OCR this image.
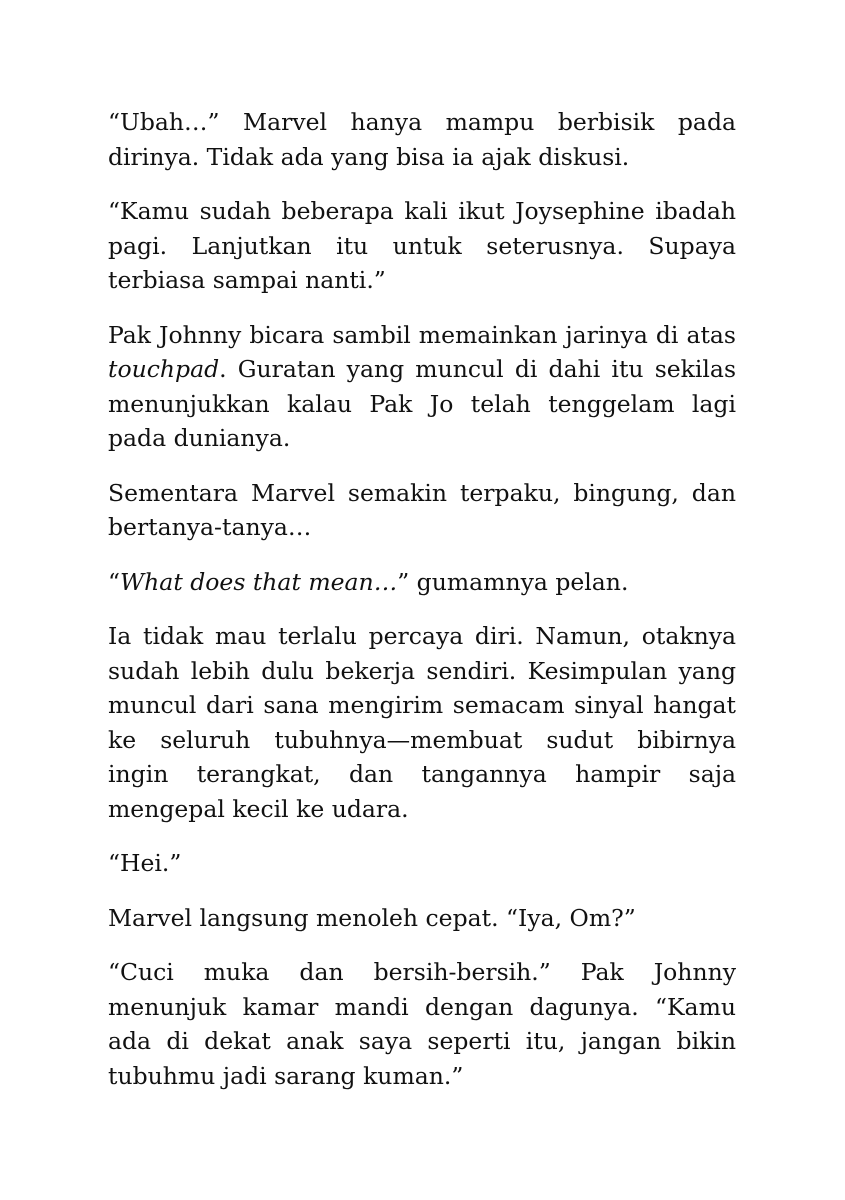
“Ubah…” Marvel hanya mampu berbisik pada dirinya. Tidak ada yang bisa ia ajak diskusi.

“Kamu sudah beberapa kali ikut Joysephine ibadah pagi. Lanjutkan itu untuk seterusnya. Supaya terbiasa sampai nanti.”

Pak Johnny bicara sambil memainkan jarinya di atas touchpad. Guratan yang muncul di dahi itu sekilas menunjukkan kalau Pak Jo telah tenggelam lagi pada dunianya.

Sementara Marvel semakin terpaku, bingung, dan bertanya-tanya…

“What does that mean…” gumamnya pelan.

Ia tidak mau terlalu percaya diri. Namun, otaknya sudah lebih dulu bekerja sendiri. Kesimpulan yang muncul dari sana mengirim semacam sinyal hangat ke seluruh tubuhnya—membuat sudut bibirnya ingin terangkat, dan tangannya hampir saja mengepal kecil ke udara.

“Hei.”

Marvel langsung menoleh cepat. “Iya, Om?”

“Cuci muka dan bersih-bersih.” Pak Johnny menunjuk kamar mandi dengan dagunya. “Kamu ada di dekat anak saya seperti itu, jangan bikin tubuhmu jadi sarang kuman.”
